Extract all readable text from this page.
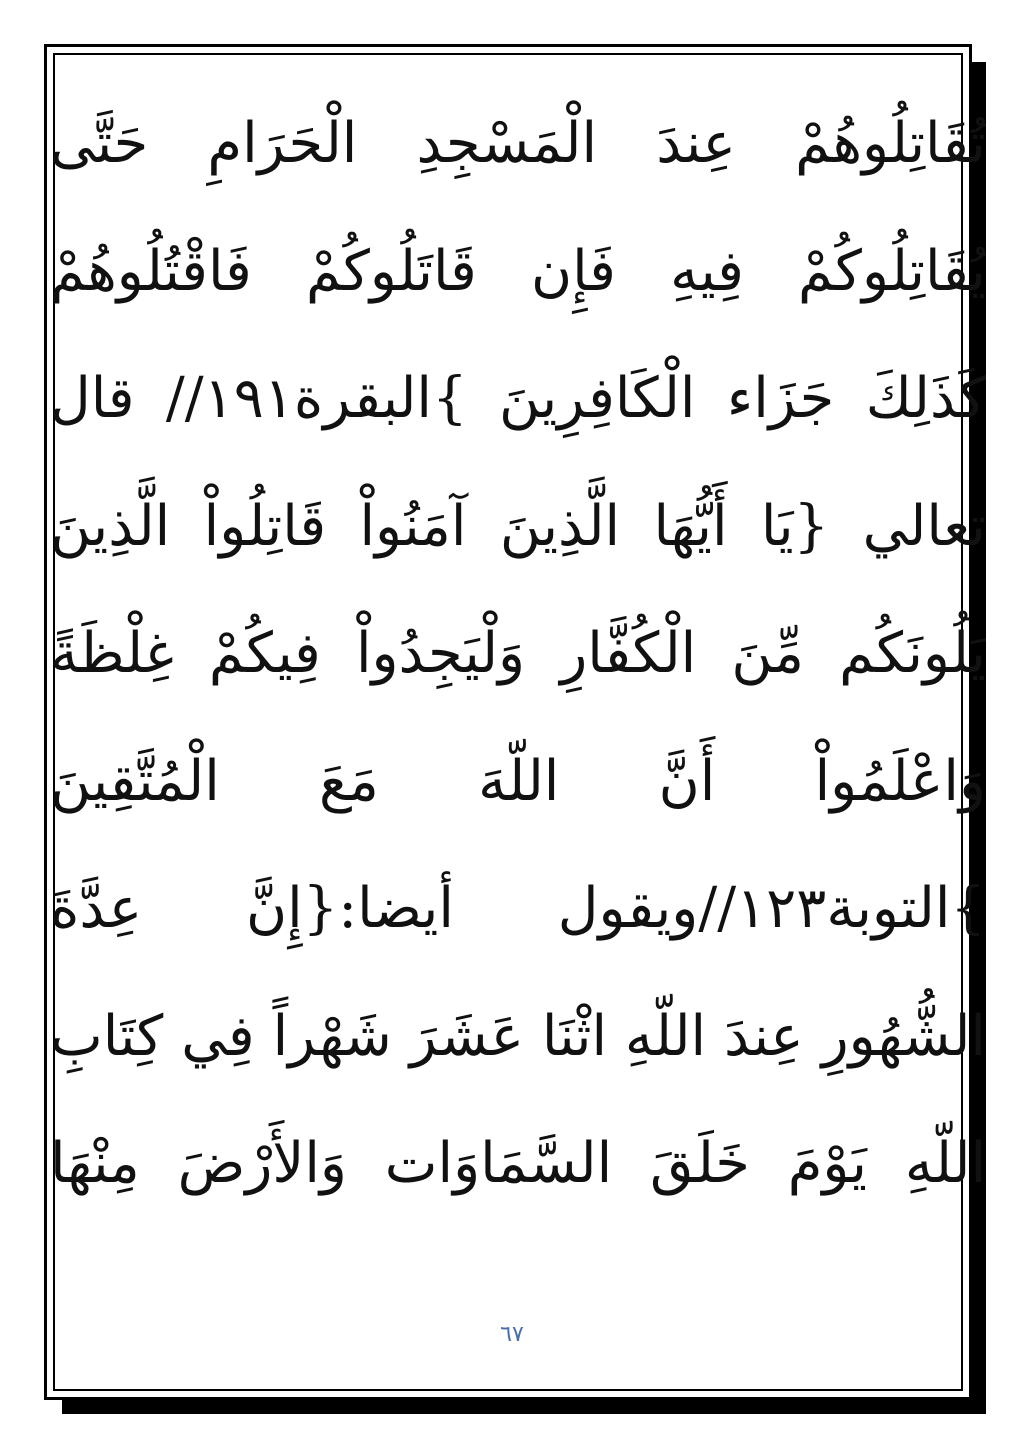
تُقَاتِلُوهُمْ عِندَ الْمَسْجِدِ الْحَرَامِ حَتَّى
يُقَاتِلُوكُمْ فِيهِ فَإِن قَاتَلُوكُمْ فَاقْتُلُوهُمْ
كَذَلِكَ جَزَاء الْكَافِرِينَ }البقرة١٩١// قال
تعالي {يَا أَيُّهَا الَّذِينَ آمَنُواْ قَاتِلُواْ الَّذِينَ
يَلُونَكُم مِّنَ الْكُفَّارِ وَلْيَجِدُواْ فِيكُمْ غِلْظَةً
وَاعْلَمُواْ أَنَّ اللّهَ مَعَ الْمُتَّقِينَ
}التوبة١٢٣//ويقول أيضا:{إِنَّ عِدَّةَ
الشُّهُورِ عِندَ اللّهِ اثْنَا عَشَرَ شَهْراً فِي كِتَابِ
اللّهِ يَوْمَ خَلَقَ السَّمَاوَات وَالأَرْضَ مِنْهَا
٦٧
